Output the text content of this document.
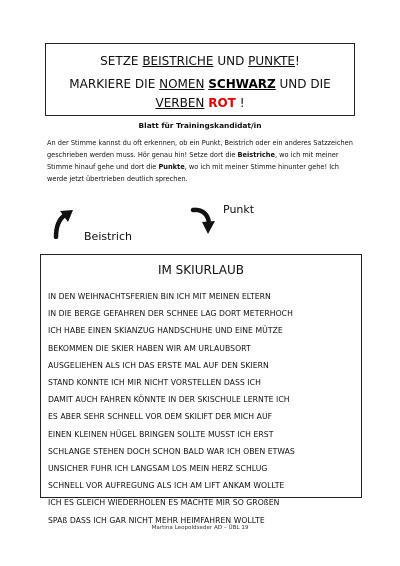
SETZE BEISTRICHE UND PUNKTE!
MARKIERE DIE NOMEN SCHWARZ UND DIE
VERBEN ROT !
Blatt für Trainingskandidat/in
An der Stimme kannst du oft erkennen, ob ein Punkt, Beistrich oder ein anderes Satzzeichen geschrieben werden muss. Hör genau hin! Setze dort die Beistriche, wo ich mit meiner Stimme hinauf gehe und dort die Punkte, wo ich mit meiner Stimme hinunter gehe! Ich werde jetzt übertrieben deutlich sprechen.
Beistrich
Punkt
IM SKIURLAUB
IN DEN WEIHNACHTSFERIEN BIN ICH MIT MEINEN ELTERN
IN DIE BERGE GEFAHREN DER SCHNEE LAG DORT METERHOCH
ICH HABE EINEN SKIANZUG HANDSCHUHE UND EINE MÜTZE
BEKOMMEN DIE SKIER HABEN WIR AM URLAUBSORT
AUSGELIEHEN ALS ICH DAS ERSTE MAL AUF DEN SKIERN
STAND KONNTE ICH MIR NICHT VORSTELLEN DASS ICH
DAMIT AUCH FAHREN KÖNNTE IN DER SKISCHULE LERNTE ICH
ES ABER SEHR SCHNELL VOR DEM SKILIFT DER MICH AUF
EINEN KLEINEN HÜGEL BRINGEN SOLLTE MUSST ICH ERST
SCHLANGE STEHEN DOCH SCHON BALD WAR ICH OBEN ETWAS
UNSICHER FUHR ICH LANGSAM LOS MEIN HERZ SCHLUG
SCHNELL VOR AUFREGUNG ALS ICH AM LIFT ANKAM WOLLTE
ICH ES GLEICH WIEDERHOLEN ES MACHTE MIR SO GROßEN
SPAß DASS ICH GAR NICHT MEHR HEIMFAHREN WOLLTE
Martina Leopoldseder AD – ÜBL 19
